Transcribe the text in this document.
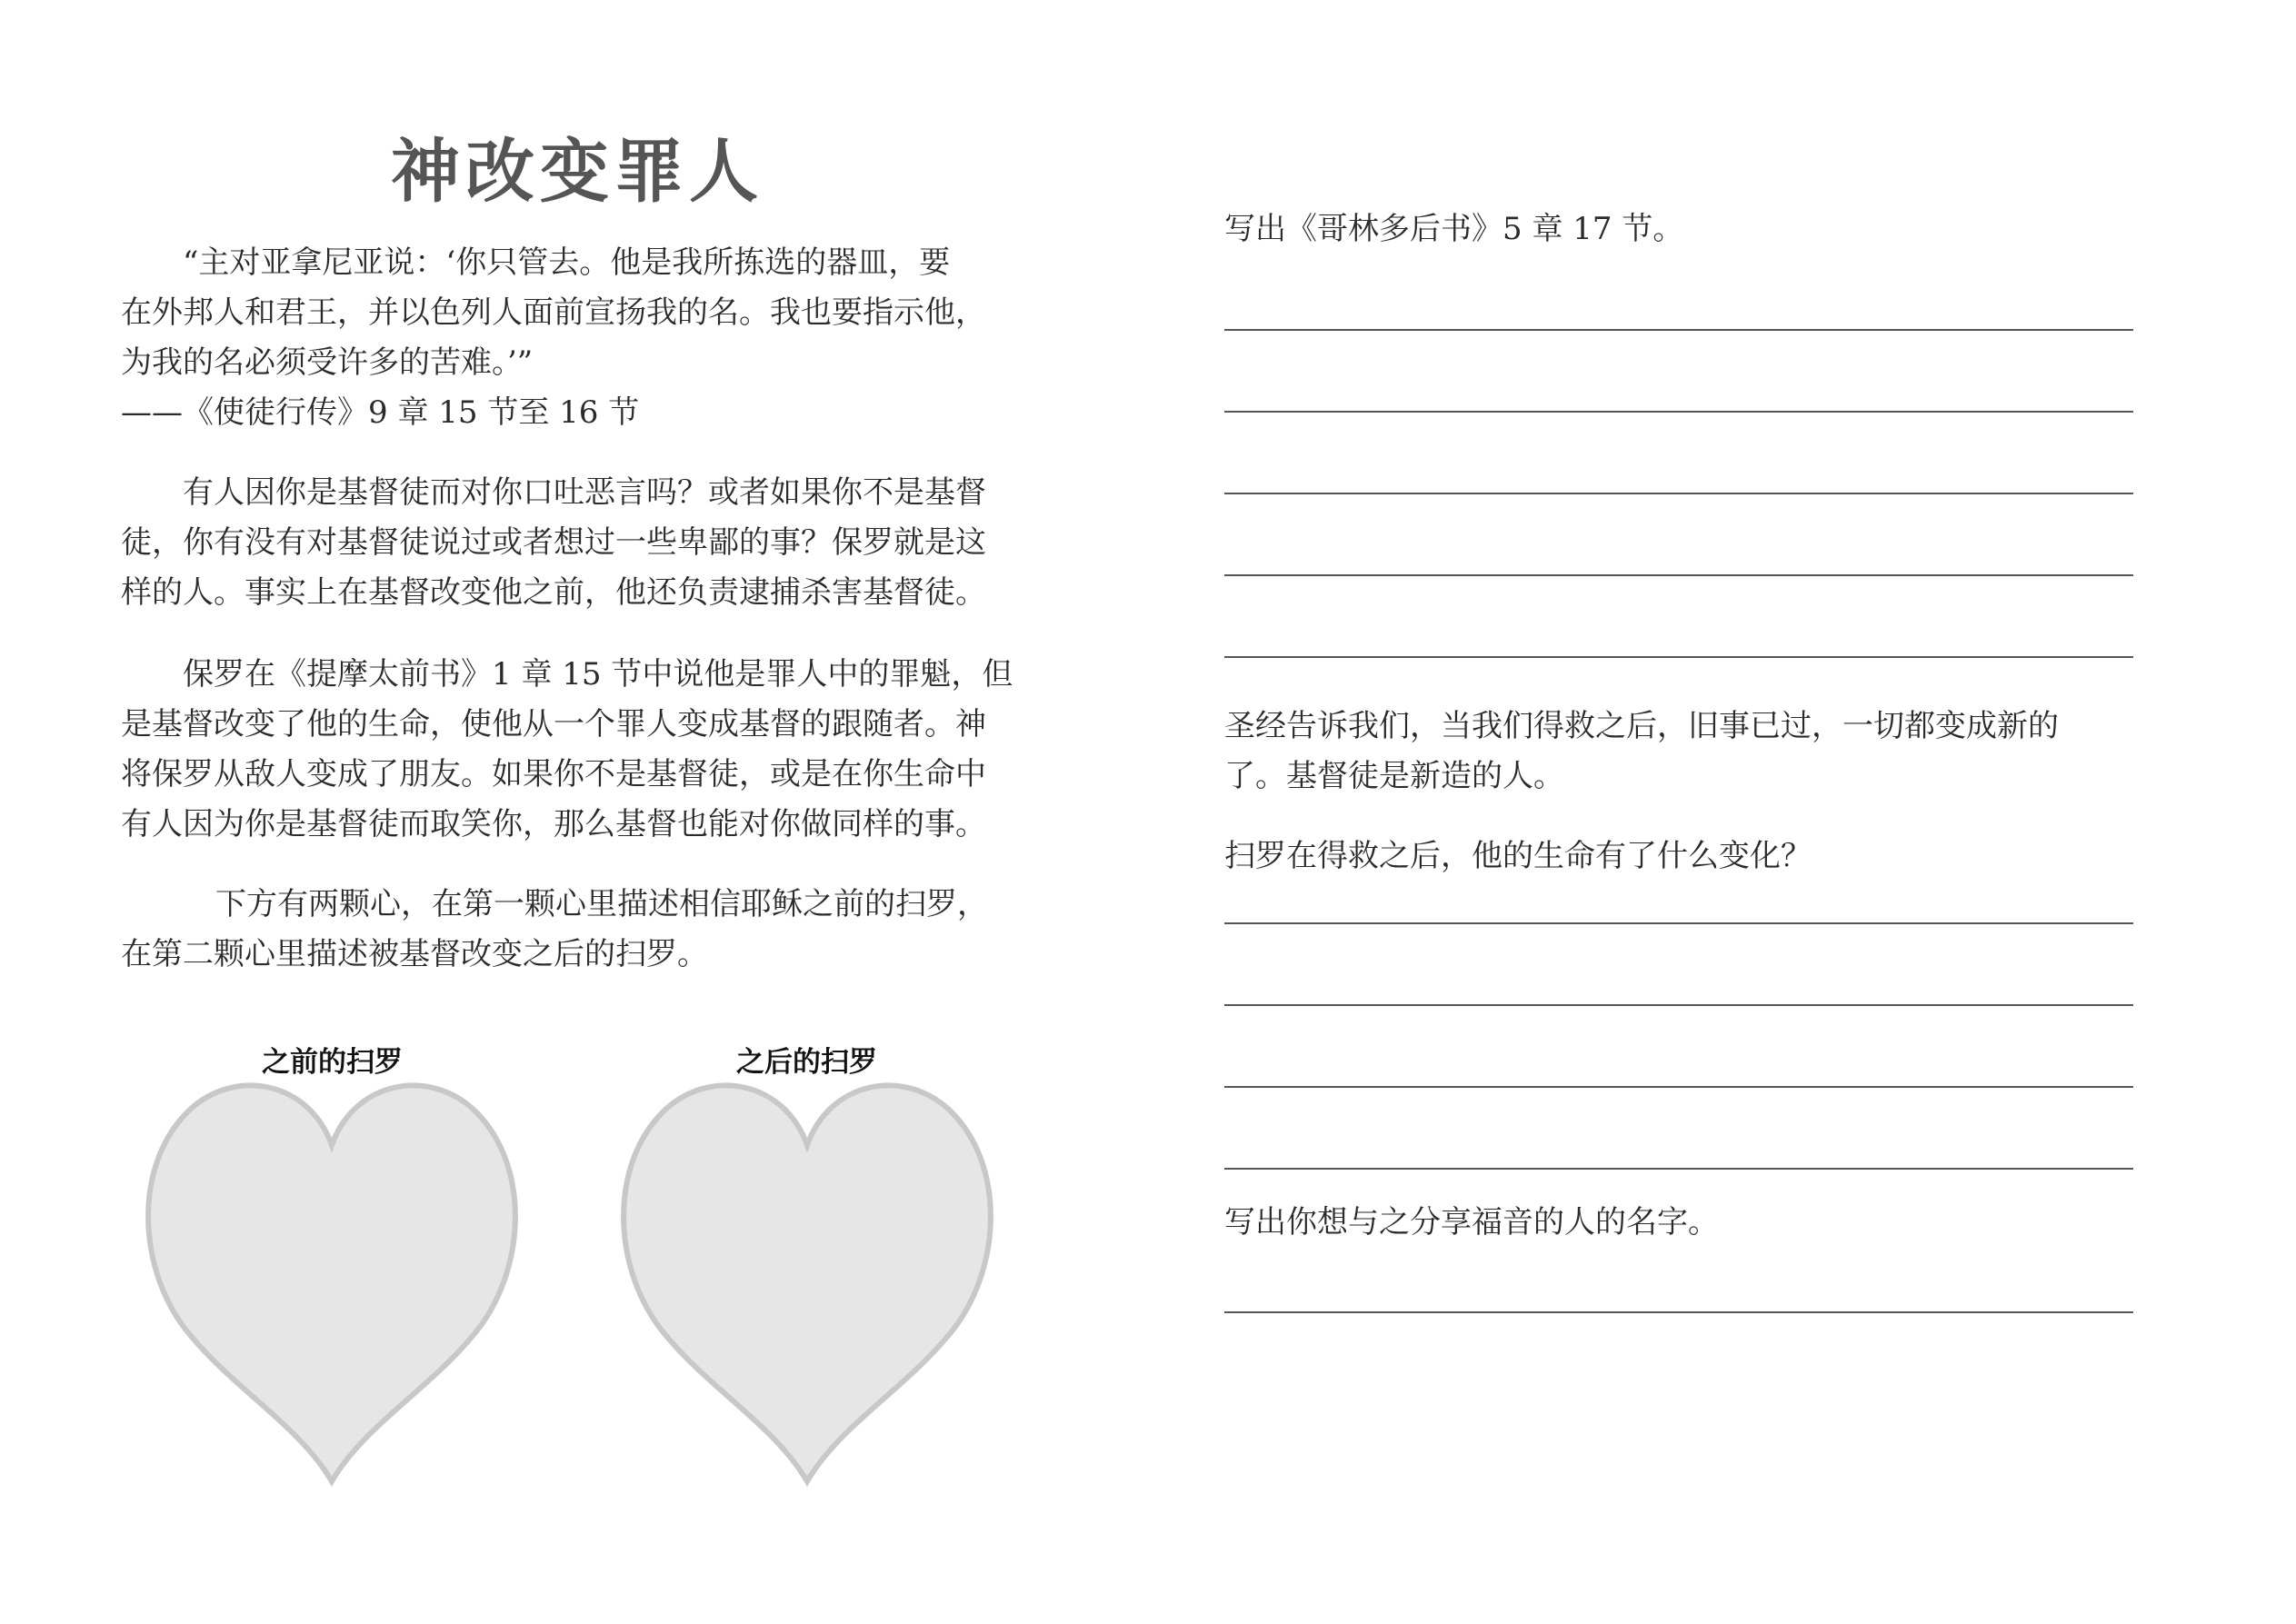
神改变罪人
“主对亚拿尼亚说：‘你只管去。他是我所拣选的器皿，要
在外邦人和君王，并以色列人面前宣扬我的名。我也要指示他，
为我的名必须受许多的苦难。’”
——《使徒行传》9 章 15 节至 16 节
有人因你是基督徒而对你口吐恶言吗？或者如果你不是基督
徒，你有没有对基督徒说过或者想过一些卑鄙的事？保罗就是这
样的人。事实上在基督改变他之前，他还负责逮捕杀害基督徒。
保罗在《提摩太前书》1 章 15 节中说他是罪人中的罪魁，但
是基督改变了他的生命，使他从一个罪人变成基督的跟随者。神
将保罗从敌人变成了朋友。如果你不是基督徒，或是在你生命中
有人因为你是基督徒而取笑你，那么基督也能对你做同样的事。
下方有两颗心，在第一颗心里描述相信耶稣之前的扫罗，
在第二颗心里描述被基督改变之后的扫罗。
之前的扫罗	之后的扫罗
写出《哥林多后书》5 章 17 节。
圣经告诉我们，当我们得救之后，旧事已过，一切都变成新的
了。基督徒是新造的人。
扫罗在得救之后，他的生命有了什么变化？
写出你想与之分享福音的人的名字。
